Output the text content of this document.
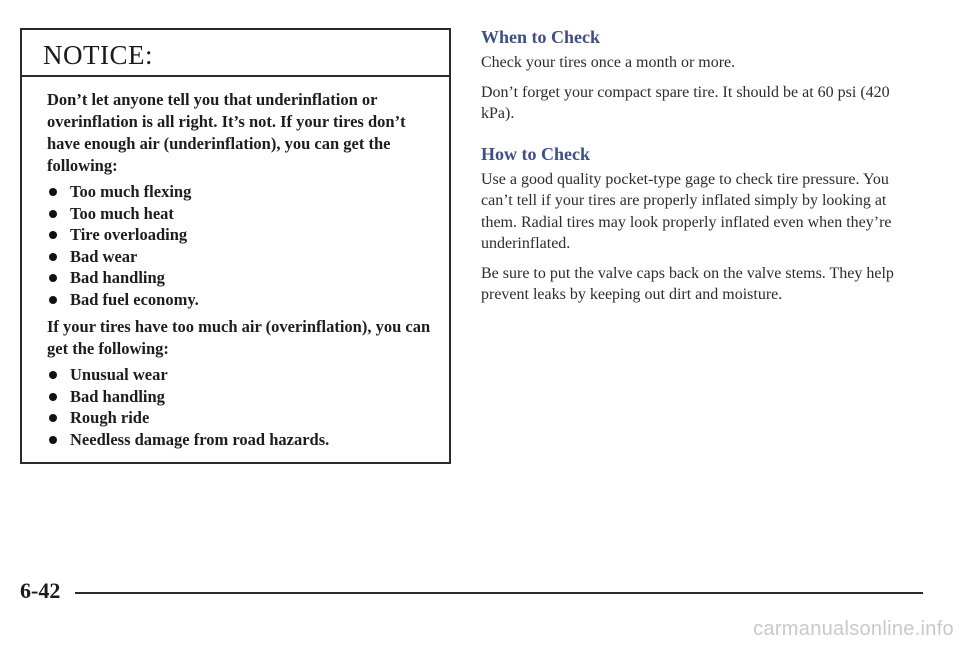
NOTICE:

Don’t let anyone tell you that underinflation or overinflation is all right. It’s not. If your tires don’t have enough air (underinflation), you can get the following:

Too much flexing
Too much heat
Tire overloading
Bad wear
Bad handling
Bad fuel economy.

If your tires have too much air (overinflation), you can get the following:

Unusual wear
Bad handling
Rough ride
Needless damage from road hazards.
When to Check

Check your tires once a month or more.

Don’t forget your compact spare tire. It should be at 60 psi (420 kPa).

How to Check

Use a good quality pocket-type gage to check tire pressure. You can’t tell if your tires are properly inflated simply by looking at them. Radial tires may look properly inflated even when they’re underinflated.

Be sure to put the valve caps back on the valve stems. They help prevent leaks by keeping out dirt and moisture.

6-42
carmanualsonline.info
